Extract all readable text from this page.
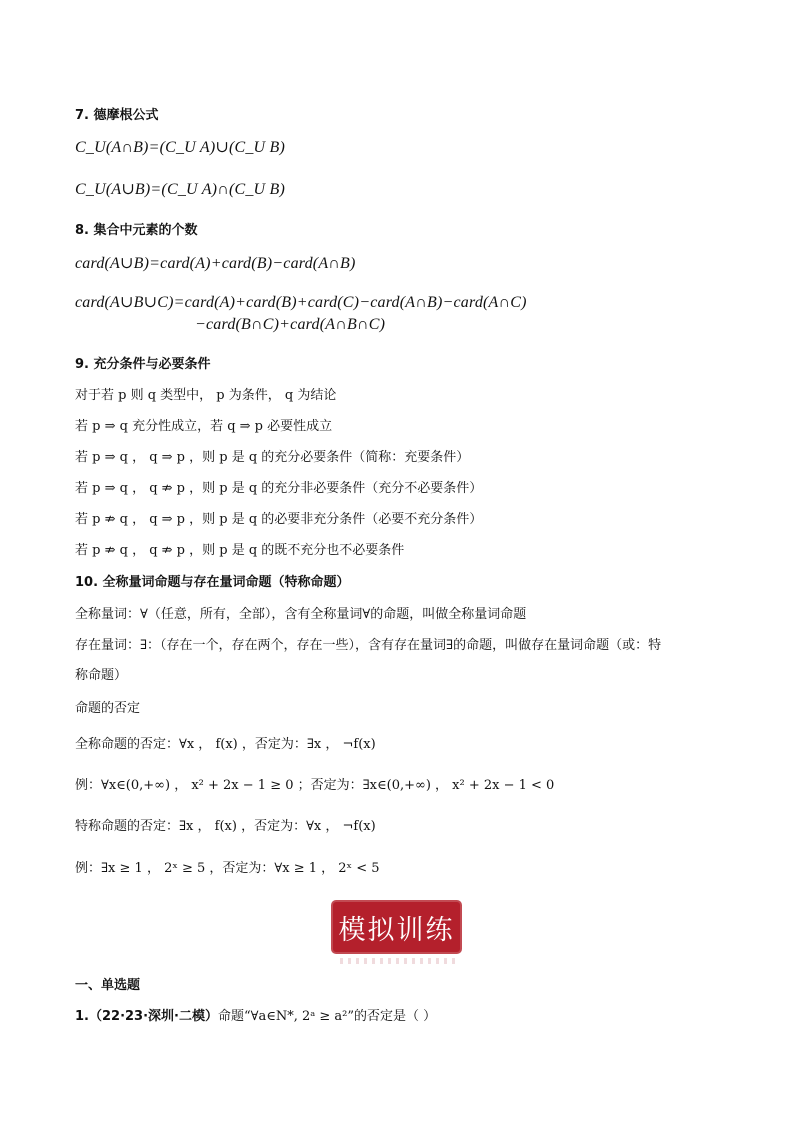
7. 德摩根公式
C_U(A∩B)=(C_U A)∪(C_U B)
C_U(A∪B)=(C_U A)∩(C_U B)
8. 集合中元素的个数
card(A∪B)=card(A)+card(B)−card(A∩B)
card(A∪B∪C)=card(A)+card(B)+card(C)−card(A∩B)−card(A∩C)
−card(B∩C)+card(A∩B∩C)
9. 充分条件与必要条件
对于若 p 则 q 类型中， p 为条件， q 为结论
若 p ⇒ q 充分性成立，若 q ⇒ p 必要性成立
若 p ⇒ q ， q ⇒ p ，则 p 是 q 的充分必要条件（简称：充要条件）
若 p ⇒ q ， q ⇏ p ，则 p 是 q 的充分非必要条件（充分不必要条件）
若 p ⇏ q ， q ⇒ p ，则 p 是 q 的必要非充分条件（必要不充分条件）
若 p ⇏ q ， q ⇏ p ，则 p 是 q 的既不充分也不必要条件
10. 全称量词命题与存在量词命题（特称命题）
全称量词：∀（任意，所有，全部），含有全称量词∀的命题，叫做全称量词命题
存在量词：∃：（存在一个，存在两个，存在一些），含有存在量词∃的命题，叫做存在量词命题（或：特
称命题）
命题的否定
全称命题的否定：∀x ， f(x) ，否定为：∃x ， ¬f(x)
例：∀x∈(0,+∞) ， x² + 2x − 1 ≥ 0 ；否定为：∃x∈(0,+∞) ， x² + 2x − 1 < 0
特称命题的否定：∃x ， f(x) ，否定为：∀x ， ¬f(x)
例：∃x ≥ 1 ， 2ˣ ≥ 5 ，否定为：∀x ≥ 1 ， 2ˣ < 5
模拟训练
一、单选题
1.（22·23·深圳·二模）命题“∀a∈N*, 2ᵃ ≥ a²”的否定是（ ）
